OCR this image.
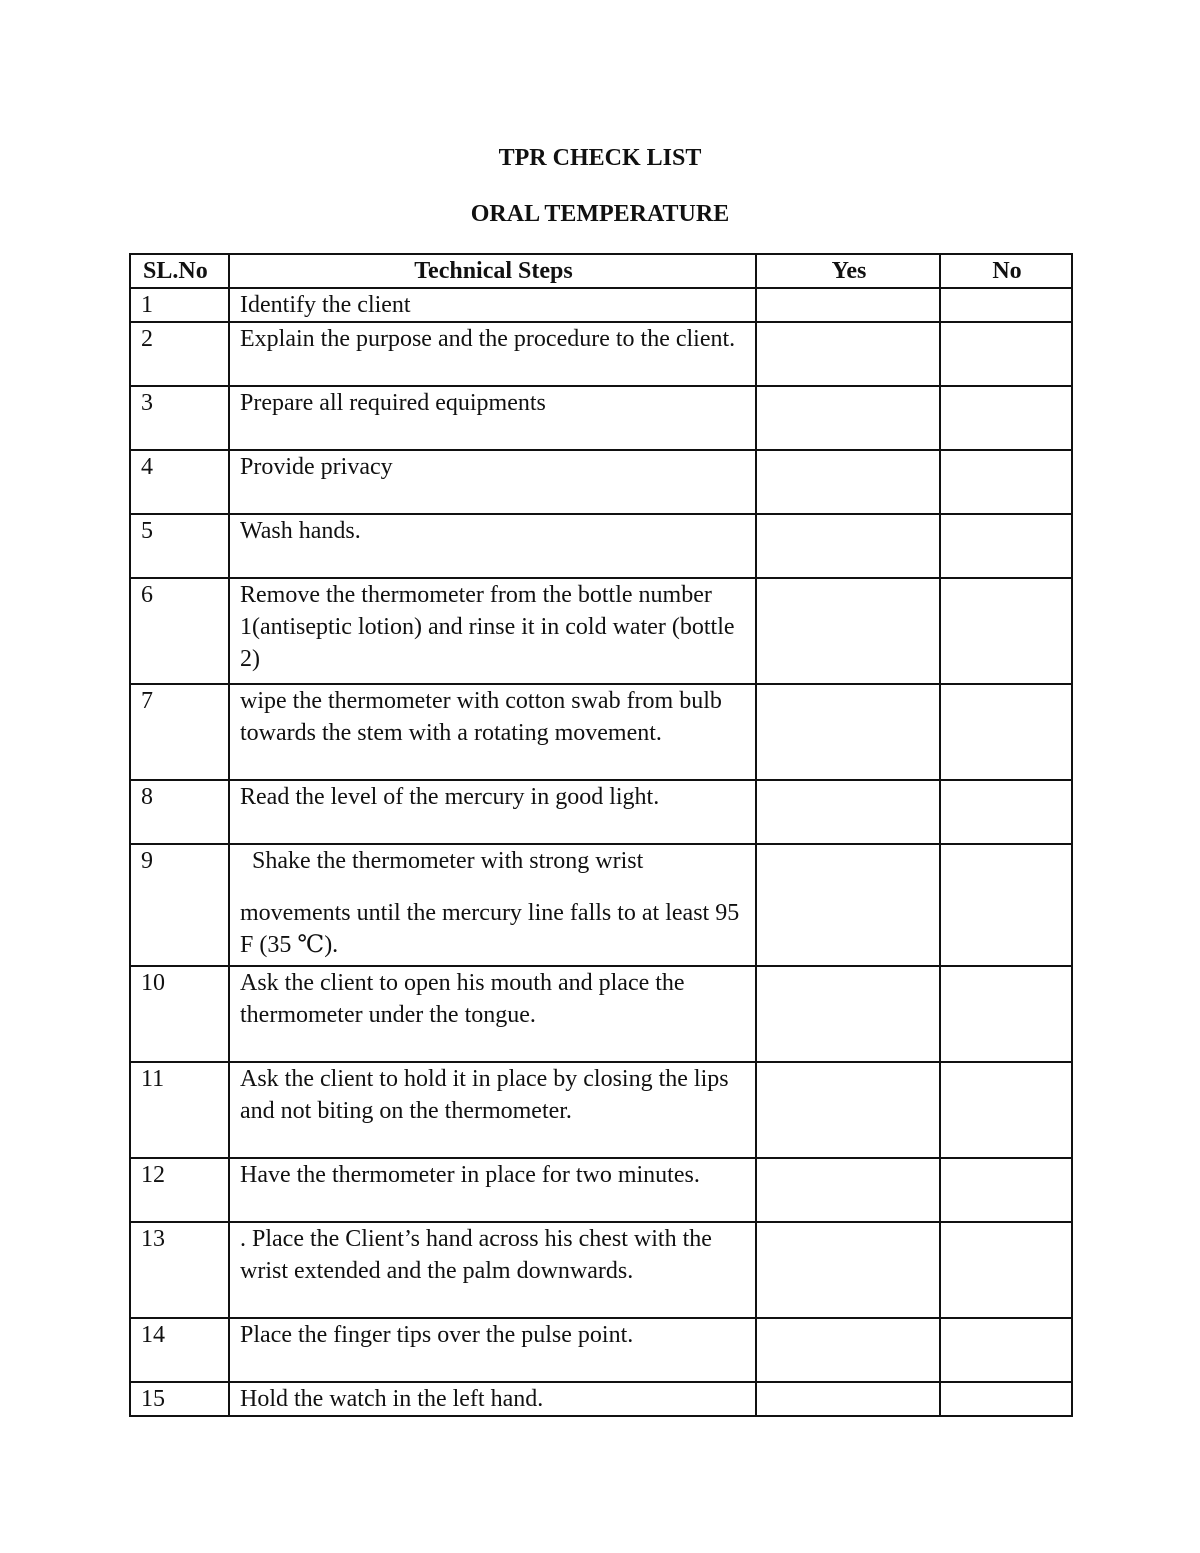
TPR CHECK LIST
ORAL TEMPERATURE
SL.No	Technical Steps	Yes	No
1	Identify the client		
2	Explain the purpose and the procedure to the client.		
3	Prepare all required equipments		
4	Provide privacy		
5	Wash hands.		
6	Remove the thermometer from the bottle number 1(antiseptic lotion) and rinse it in cold water (bottle 2)		
7	wipe the thermometer with cotton swab from bulb towards the stem with a rotating movement.		
8	Read the level of the mercury in good light.		
9	Shake the thermometer with strong wrist
movements until the mercury line falls to at least 95 F (35 ℃).		

10	Ask the client to open his mouth and place the thermometer under the tongue.		
11	Ask the client to hold it in place by closing the lips and not biting on the thermometer.		
12	Have the thermometer in place for two minutes.		
13	. Place the Client’s hand across his chest with the wrist extended and the palm downwards.		
14	Place the finger tips over the pulse point.		
15	Hold the watch in the left hand.		
